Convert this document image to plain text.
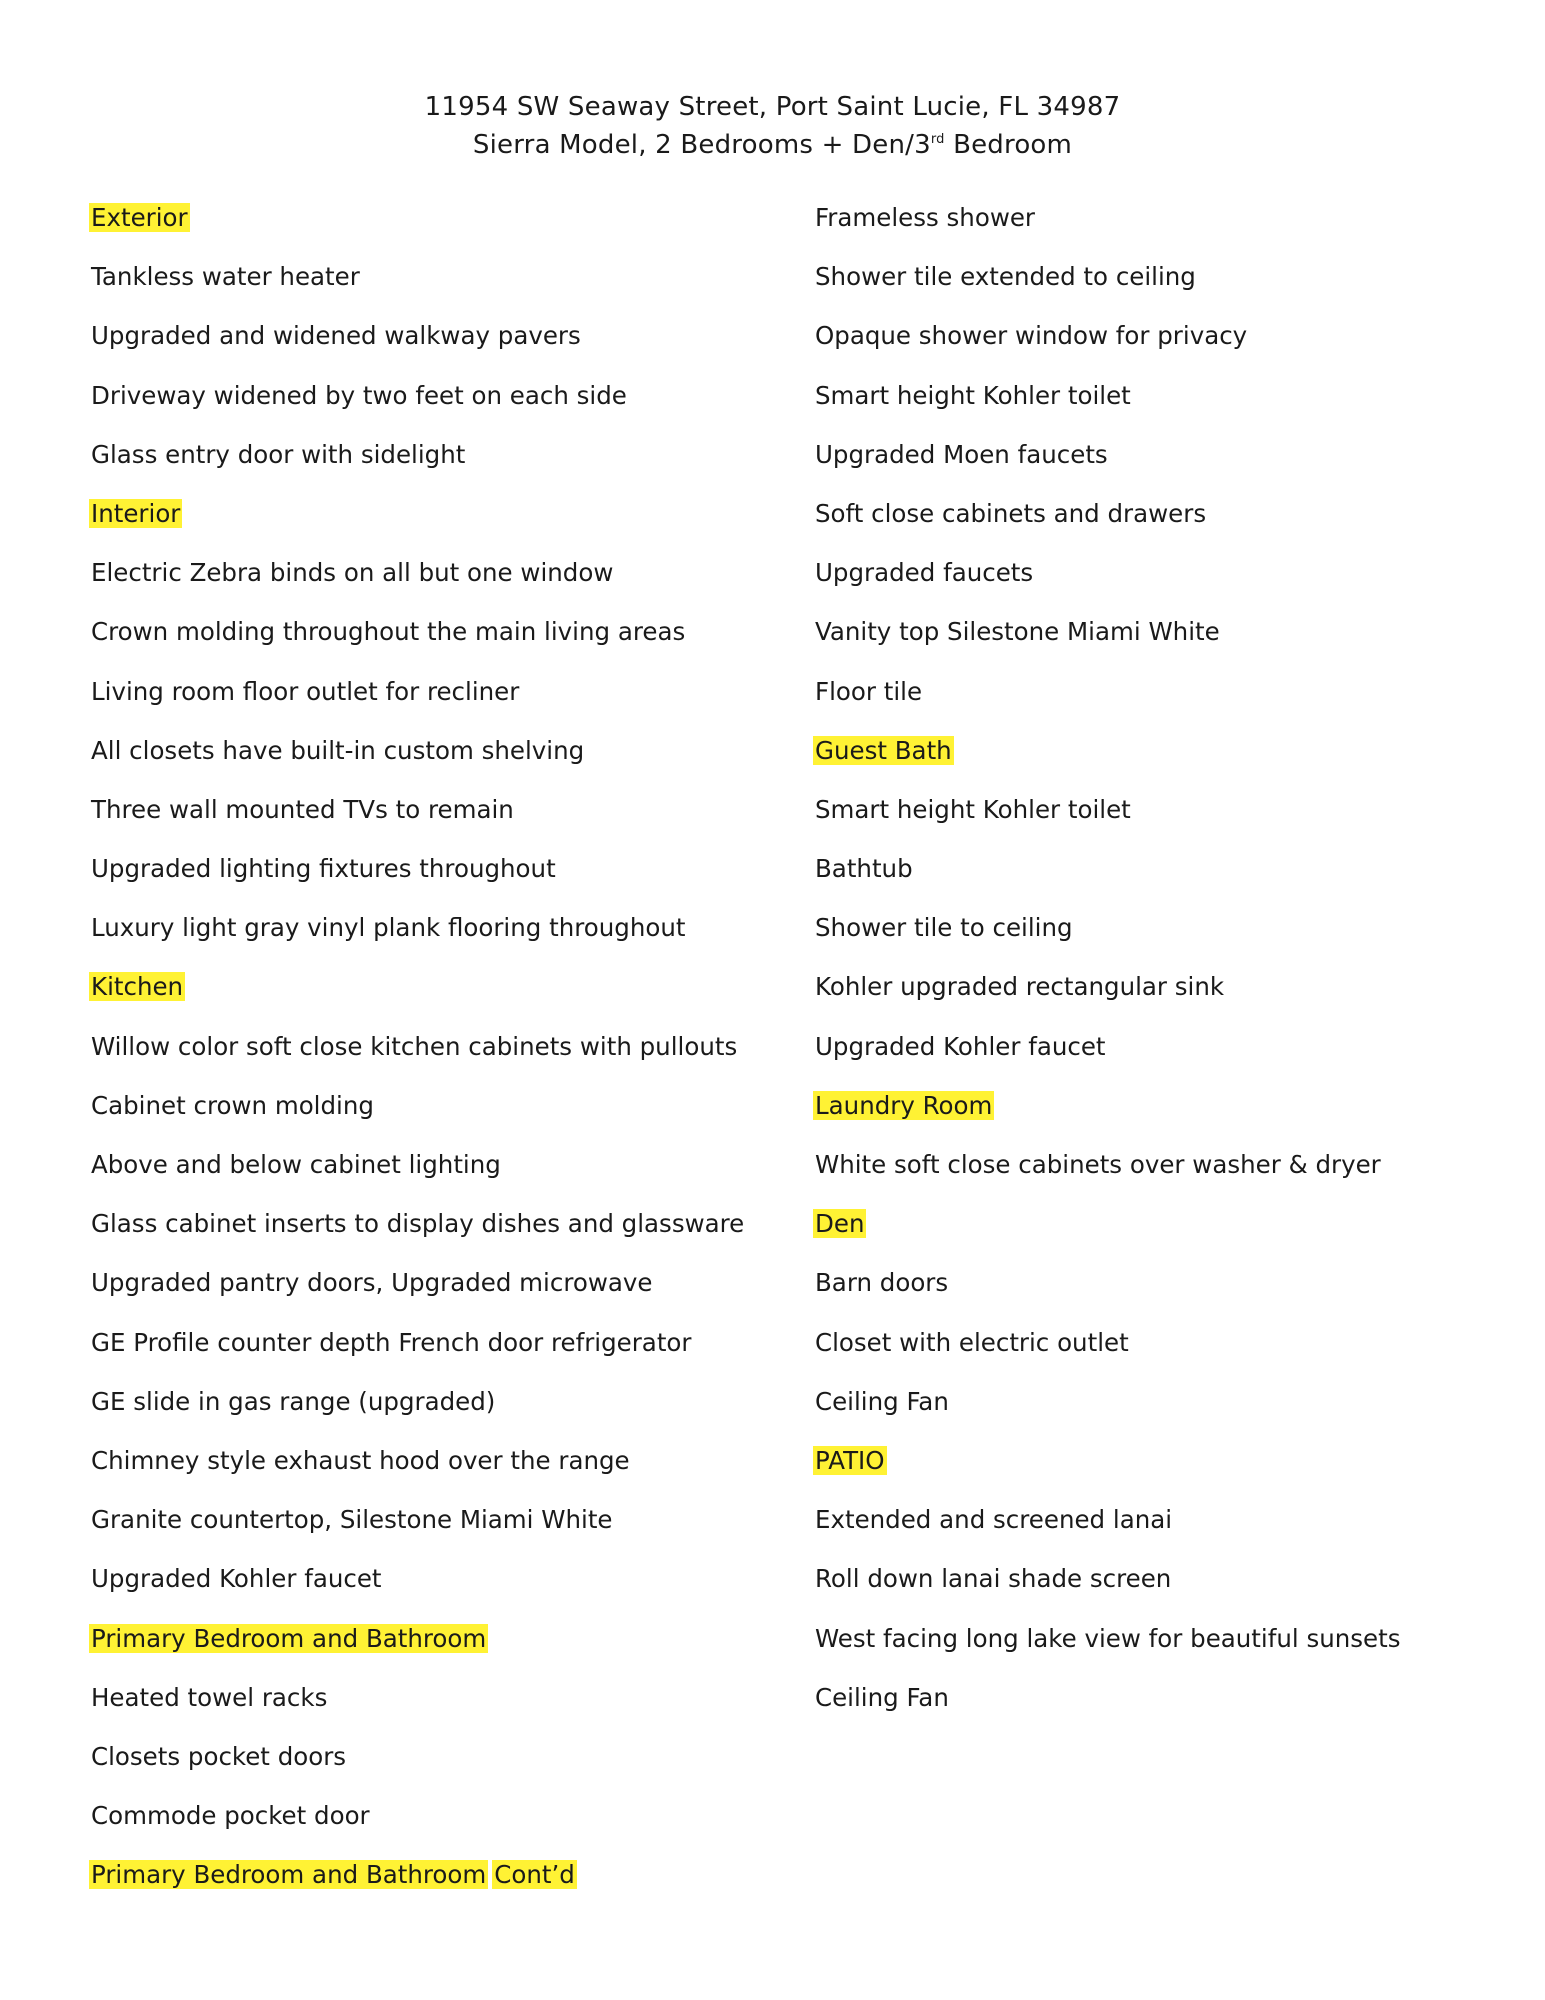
11954 SW Seaway Street, Port Saint Lucie, FL 34987
Sierra Model, 2 Bedrooms + Den/3rd Bedroom
Exterior
Tankless water heater
Upgraded and widened walkway pavers
Driveway widened by two feet on each side
Glass entry door with sidelight
Interior
Electric Zebra binds on all but one window
Crown molding throughout the main living areas
Living room floor outlet for recliner
All closets have built-in custom shelving
Three wall mounted TVs to remain
Upgraded lighting fixtures throughout
Luxury light gray vinyl plank flooring throughout
Kitchen
Willow color soft close kitchen cabinets with pullouts
Cabinet crown molding
Above and below cabinet lighting
Glass cabinet inserts to display dishes and glassware
Upgraded pantry doors, Upgraded microwave
GE Profile counter depth French door refrigerator
GE slide in gas range (upgraded)
Chimney style exhaust hood over the range
Granite countertop, Silestone Miami White
Upgraded Kohler faucet
Primary Bedroom and Bathroom
Heated towel racks
Closets pocket doors
Commode pocket door
Primary Bedroom and Bathroom Cont’d
Frameless shower
Shower tile extended to ceiling
Opaque shower window for privacy
Smart height Kohler toilet
Upgraded Moen faucets
Soft close cabinets and drawers
Upgraded faucets
Vanity top Silestone Miami White
Floor tile
Guest Bath
Smart height Kohler toilet
Bathtub
Shower tile to ceiling
Kohler upgraded rectangular sink
Upgraded Kohler faucet
Laundry Room
White soft close cabinets over washer & dryer
Den
Barn doors
Closet with electric outlet
Ceiling Fan
PATIO
Extended and screened lanai
Roll down lanai shade screen
West facing long lake view for beautiful sunsets
Ceiling Fan
